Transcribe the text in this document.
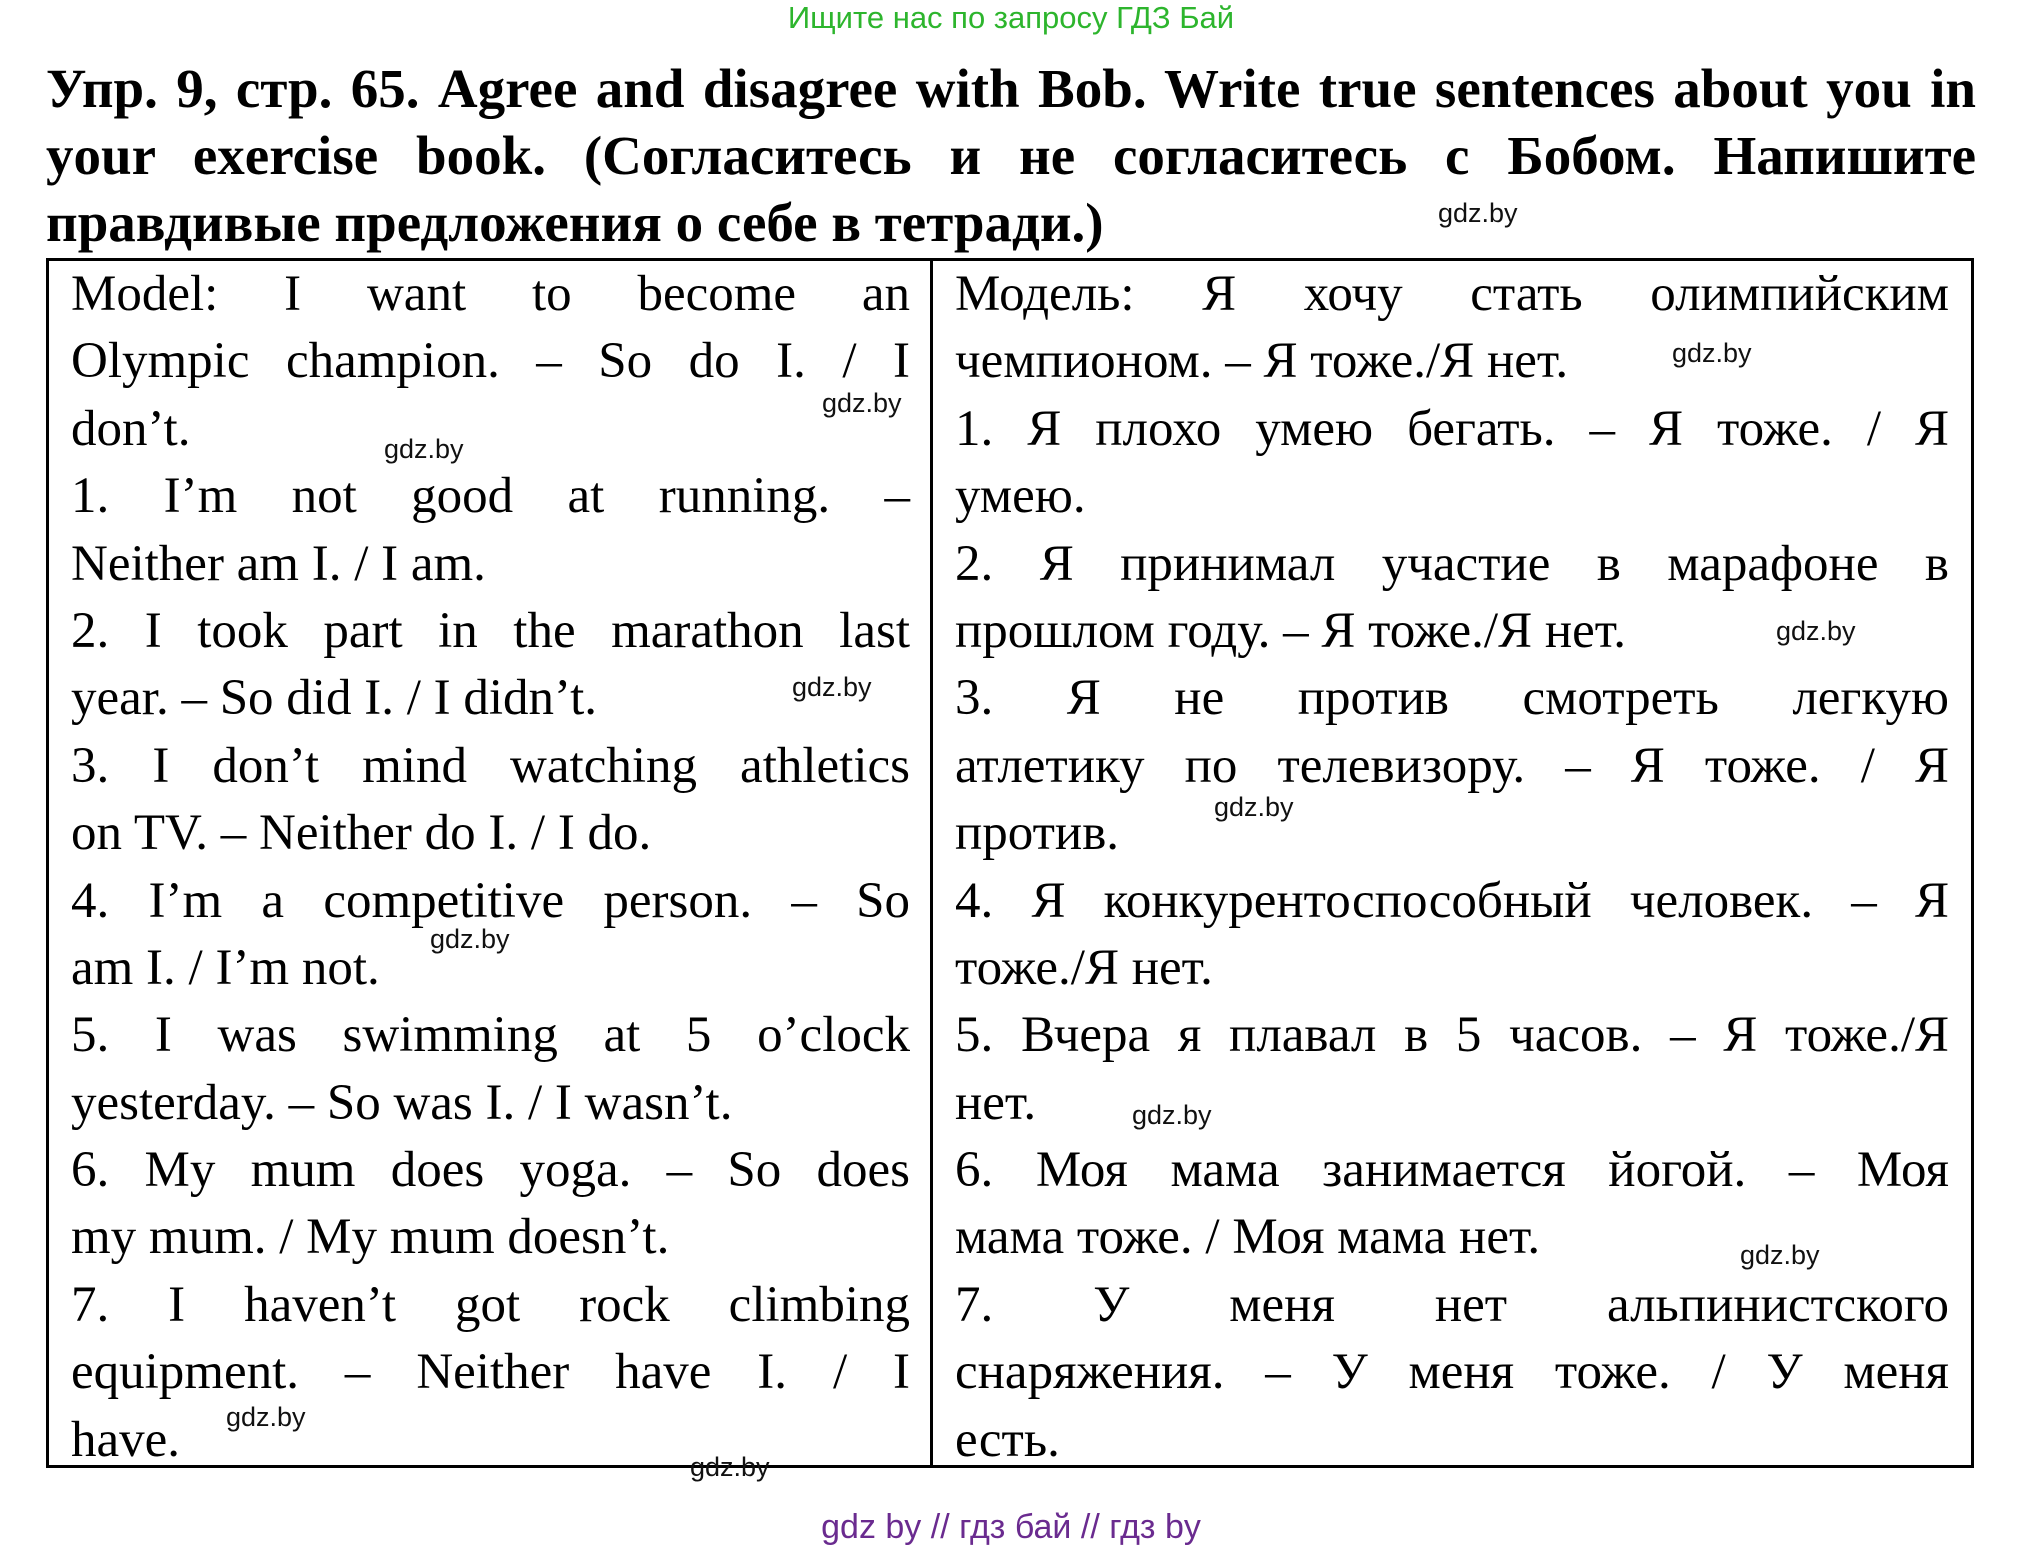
Ищите нас по запросу ГДЗ Бай

Упр. 9, стр. 65. Agree and disagree with Bob. Write true sentences about you in your exercise book. (Согласитесь и не согласитесь с Бобом. Напишите правдивые предложения о себе в тетради.)

Model: I want to become an
Olympic champion. – So do I. / I
don’t.
1. I’m not good at running. –
Neither am I. / I am.
2. I took part in the marathon last
year. – So did I. / I didn’t.
3. I don’t mind watching athletics
on TV. – Neither do I. / I do.
4. I’m a competitive person. – So
am I. / I’m not.
5. I was swimming at 5 o’clock
yesterday. – So was I. / I wasn’t.
6. My mum does yoga. – So does
my mum. / My mum doesn’t.
7. I haven’t got rock climbing
equipment. – Neither have I. / I
have.
Модель: Я хочу стать олимпийским
чемпионом. – Я тоже./Я нет.
1. Я плохо умею бегать. – Я тоже. / Я
умею.
2. Я принимал участие в марафоне в
прошлом году. – Я тоже./Я нет.
3. Я не против смотреть легкую
атлетику по телевизору. – Я тоже. / Я
против.
4. Я конкурентоспособный человек. – Я
тоже./Я нет.
5. Вчера я плавал в 5 часов. – Я тоже./Я
нет.
6. Моя мама занимается йогой. – Моя
мама тоже. / Моя мама нет.
7. У меня нет альпинистского
снаряжения. – У меня тоже. / У меня
есть.
gdz.by
gdz.by
gdz.by
gdz.by
gdz.by
gdz.by
gdz.by
gdz.by
gdz.by
gdz.by
gdz.by
gdz.by
gdz by // гдз бай // гдз by
